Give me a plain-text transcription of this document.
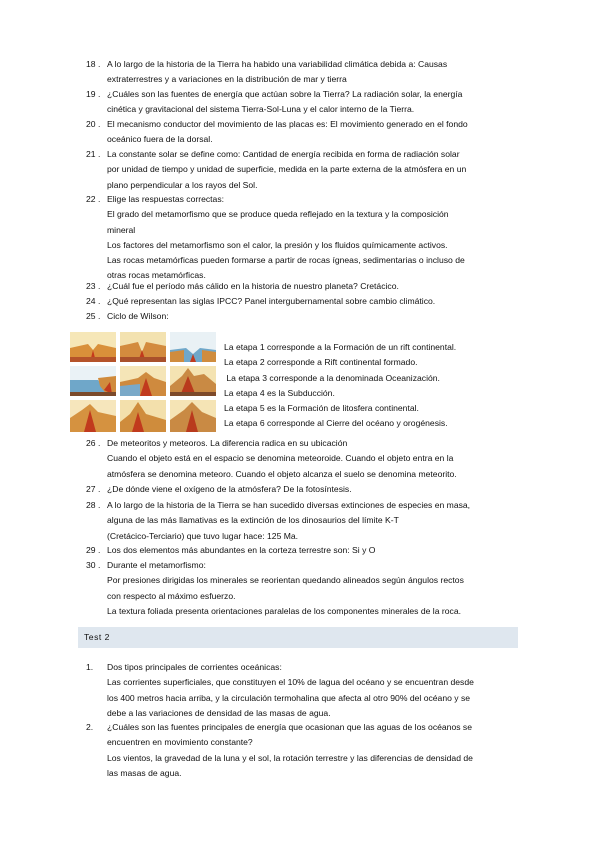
18 . A lo largo de la historia de la Tierra ha habido una variabilidad climática debida a: Causas
extraterrestres y a variaciones en la distribución de mar y tierra
19 . ¿Cuáles son las fuentes de energía que actúan sobre la Tierra? La radiación solar, la energía
cinética y gravitacional del sistema Tierra-Sol-Luna y el calor interno de la Tierra.
20 . El mecanismo conductor del movimiento de las placas es: El movimiento generado en el fondo
oceánico fuera de la dorsal.
21 . La constante solar se define como: Cantidad de energía recibida en forma de radiación solar
por unidad de tiempo y unidad de superficie, medida en la parte externa de la atmósfera en un
plano perpendicular a los rayos del Sol.
22 . Elige las respuestas correctas:
El grado del metamorfismo que se produce queda reflejado en la textura y la composición
mineral
Los factores del metamorfismo son el calor, la presión y los fluidos químicamente activos.
Las rocas metamórficas pueden formarse a partir de rocas ígneas, sedimentarias o incluso de
otras rocas metamórficas.
23 . ¿Cuál fue el período más cálido en la historia de nuestro planeta? Cretácico.
24 . ¿Qué representan las siglas IPCC? Panel intergubernamental sobre cambio climático.
25 . Ciclo de Wilson:
La etapa 1 corresponde a la Formación de un rift continental.
La etapa 2 corresponde a Rift continental formado.
La etapa 3 corresponde a la denominada Oceanización.
La etapa 4 es la Subducción.
La etapa 5 es la Formación de litosfera continental.
La etapa 6 corresponde al Cierre del océano y orogénesis.
26 . De meteoritos y meteoros. La diferencia radica en su ubicación
Cuando el objeto está en el espacio se denomina meteoroide. Cuando el objeto entra en la
atmósfera se denomina meteoro. Cuando el objeto alcanza el suelo se denomina meteorito.
27 . ¿De dónde viene el oxígeno de la atmósfera? De la fotosíntesis.
28 . A lo largo de la historia de la Tierra se han sucedido diversas extinciones de especies en masa,
alguna de las más llamativas es la extinción de los dinosaurios del límite K-T
(Cretácico-Terciario) que tuvo lugar hace: 125 Ma.
29 . Los dos elementos más abundantes en la corteza terrestre son: Si y O
30 . Durante el metamorfismo:
Por presiones dirigidas los minerales se reorientan quedando alineados según ángulos rectos
con respecto al máximo esfuerzo.
La textura foliada presenta orientaciones paralelas de los componentes minerales de la roca.
Test 2
1. Dos tipos principales de corrientes oceánicas:
Las corrientes superficiales, que constituyen el 10% de lagua del océano y se encuentran desde
los 400 metros hacia arriba, y la circulación termohalina que afecta al otro 90% del océano y se
debe a las variaciones de densidad de las masas de agua.
2. ¿Cuáles son las fuentes principales de energía que ocasionan que las aguas de los océanos se
encuentren en movimiento constante?
Los vientos, la gravedad de la luna y el sol, la rotación terrestre y las diferencias de densidad de
las masas de agua.
